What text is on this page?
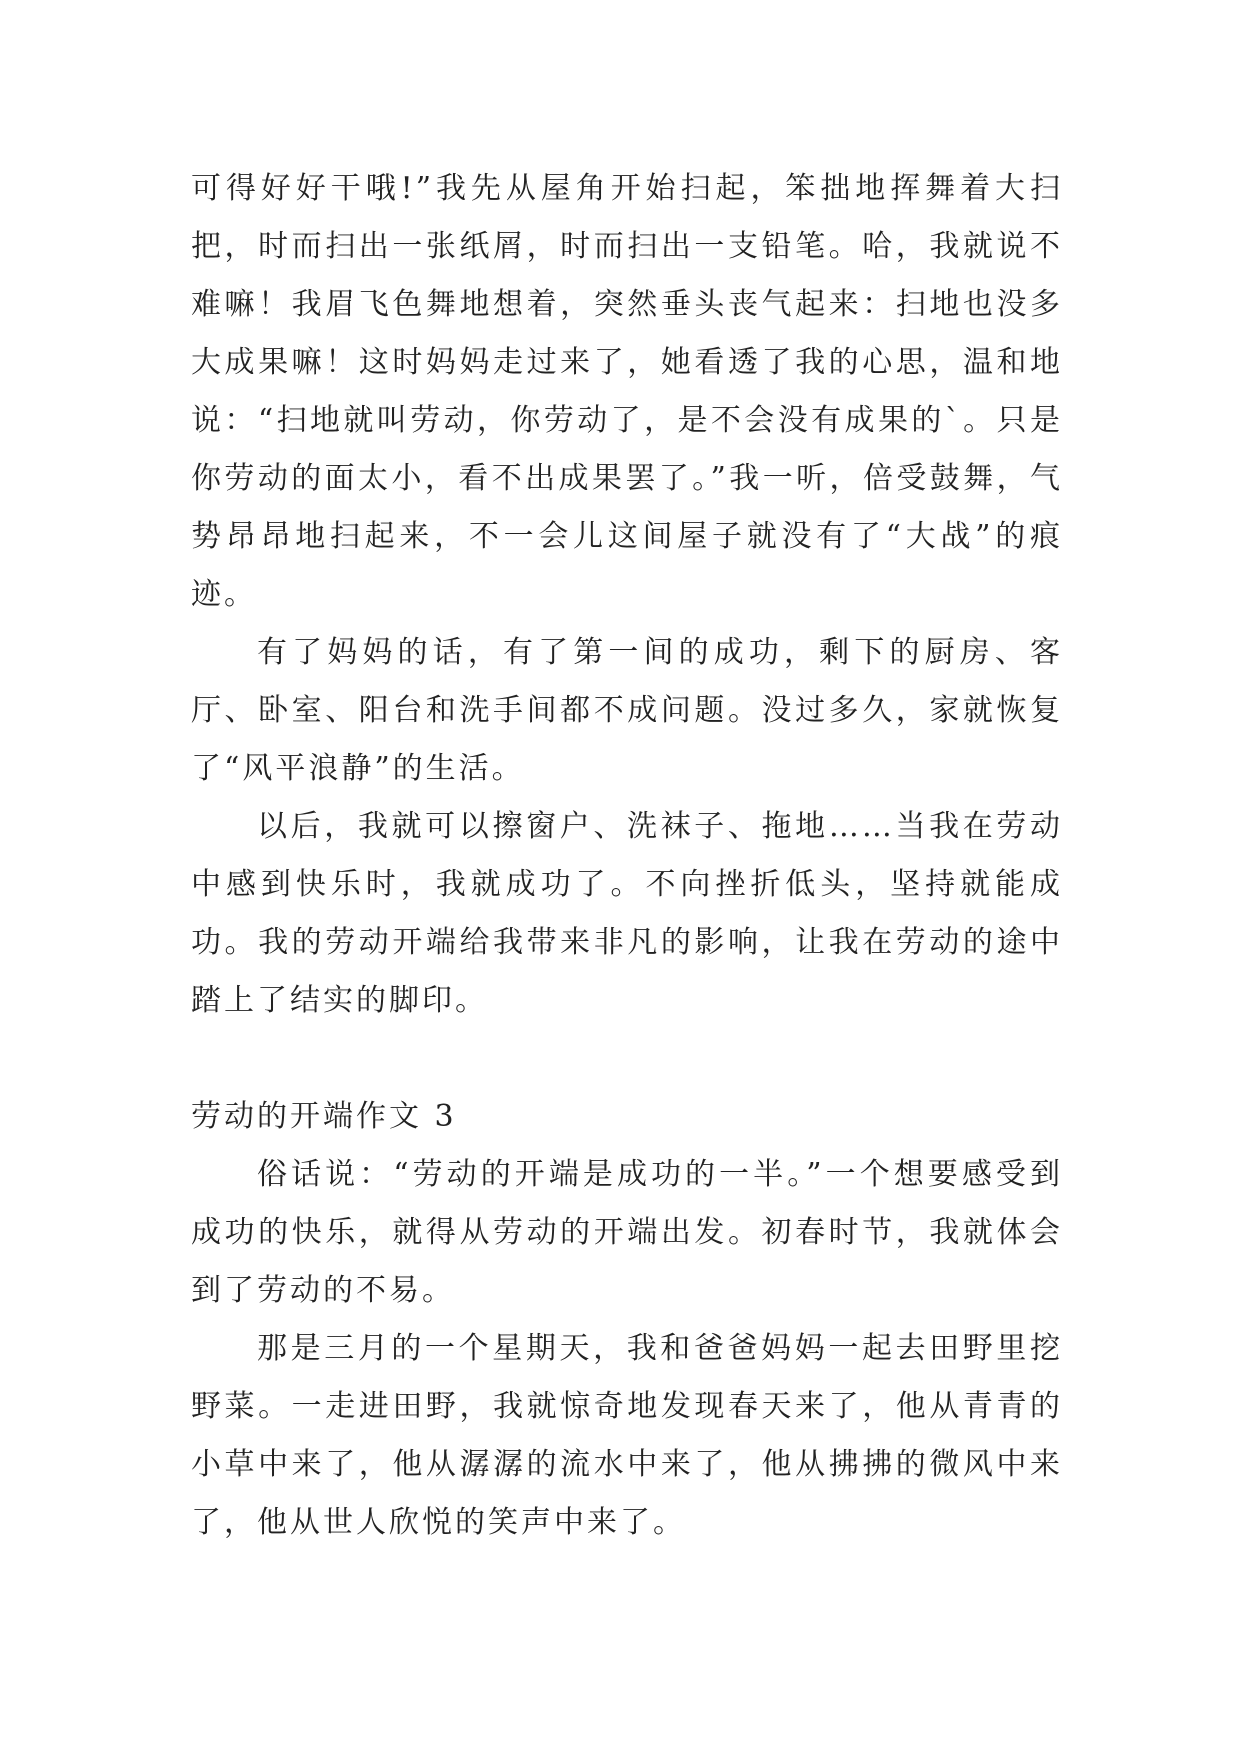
可得好好干哦!”我先从屋角开始扫起，笨拙地挥舞着大扫把，时而扫出一张纸屑，时而扫出一支铅笔。哈，我就说不难嘛！我眉飞色舞地想着，突然垂头丧气起来：扫地也没多大成果嘛！这时妈妈走过来了，她看透了我的心思，温和地说：“扫地就叫劳动，你劳动了，是不会没有成果的`。只是你劳动的面太小，看不出成果罢了。”我一听，倍受鼓舞，气势昂昂地扫起来，不一会儿这间屋子就没有了“大战”的痕迹。

有了妈妈的话，有了第一间的成功，剩下的厨房、客厅、卧室、阳台和洗手间都不成问题。没过多久，家就恢复了“风平浪静”的生活。

以后，我就可以擦窗户、洗袜子、拖地……当我在劳动中感到快乐时，我就成功了。不向挫折低头，坚持就能成功。我的劳动开端给我带来非凡的影响，让我在劳动的途中踏上了结实的脚印。

劳动的开端作文 3

俗话说：“劳动的开端是成功的一半。”一个想要感受到成功的快乐，就得从劳动的开端出发。初春时节，我就体会到了劳动的不易。

那是三月的一个星期天，我和爸爸妈妈一起去田野里挖野菜。一走进田野，我就惊奇地发现春天来了，他从青青的小草中来了，他从潺潺的流水中来了，他从拂拂的微风中来了，他从世人欣悦的笑声中来了。
